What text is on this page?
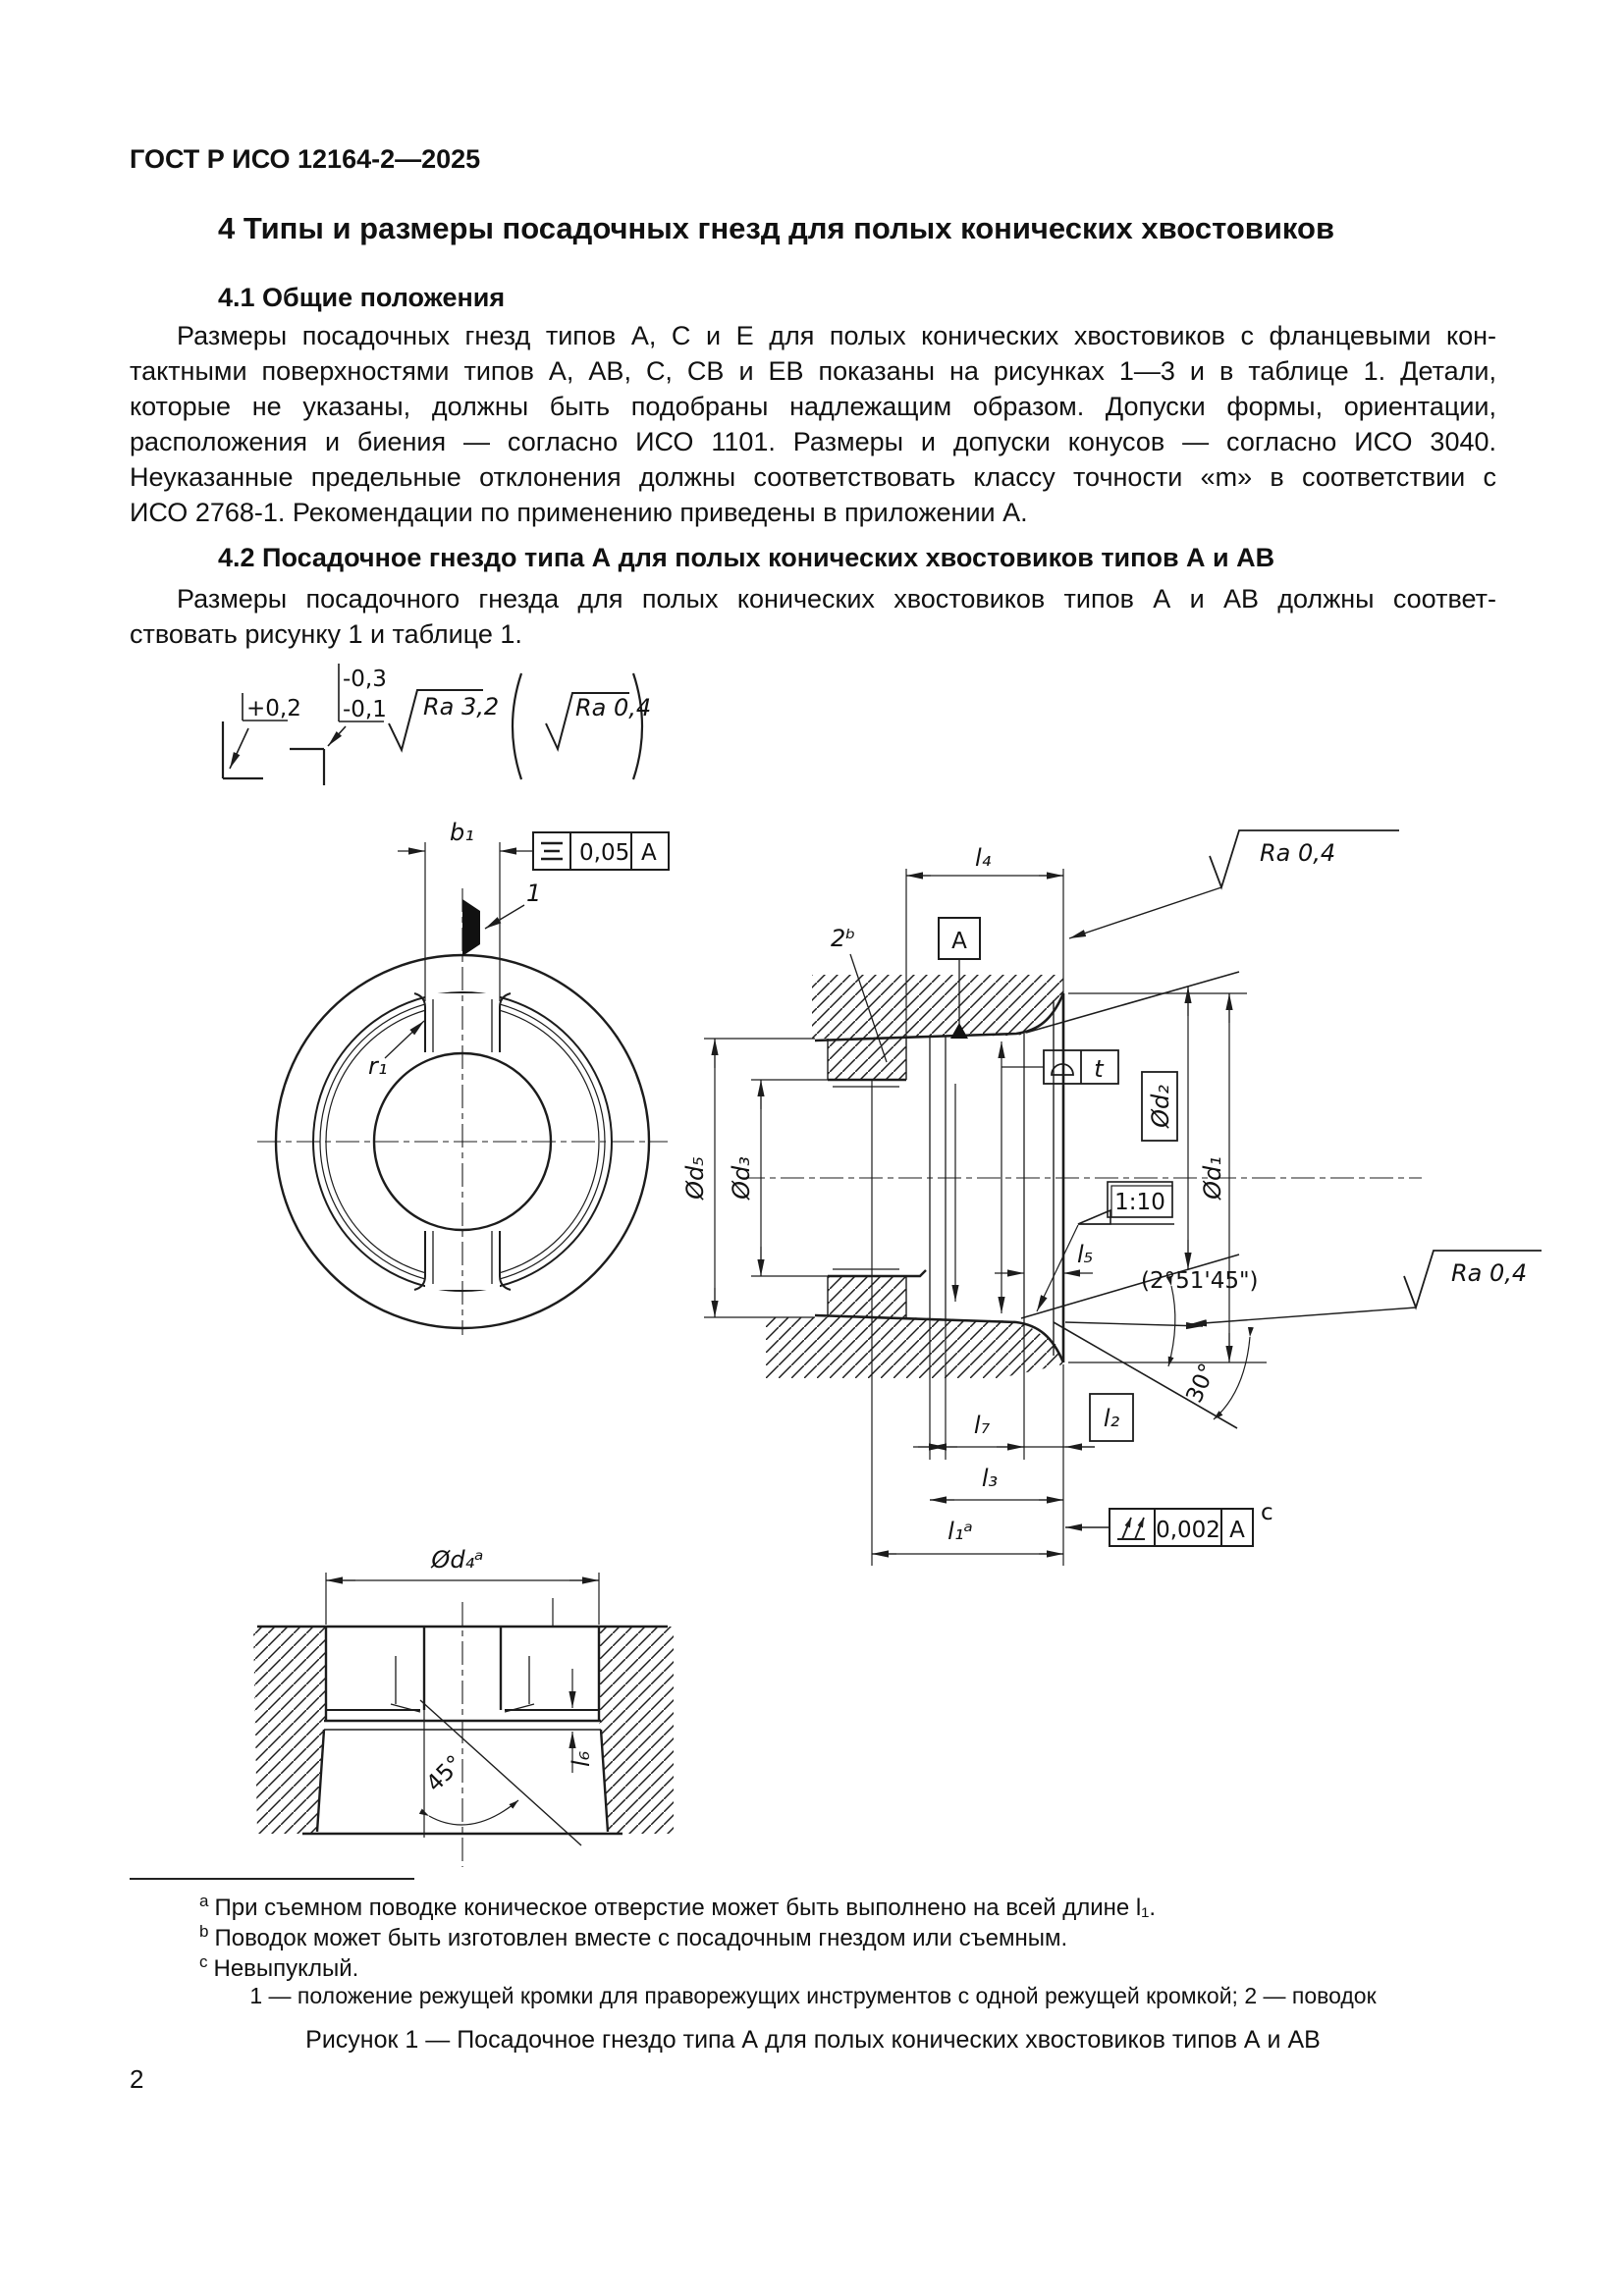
ГОСТ Р ИСО 12164-2—2025
4 Типы и размеры посадочных гнезд для полых конических хвостовиков
4.1 Общие положения
Размеры посадочных гнезд типов А, С и Е для полых конических хвостовиков с фланцевыми кон-
тактными поверхностями типов А, АВ, С, СВ и ЕВ показаны на рисунках 1—3 и в таблице 1. Детали,
которые не указаны, должны быть подобраны надлежащим образом. Допуски формы, ориентации,
расположения и биения — согласно ИСО 1101. Размеры и допуски конусов — согласно ИСО 3040.
Неуказанные предельные отклонения должны соответствовать классу точности «m» в соответствии с
ИСО 2768-1. Рекомендации по применению приведены в приложении А.
4.2 Посадочное гнездо типа А для полых конических хвостовиков типов А и АВ
Размеры посадочного гнезда для полых конических хвостовиков типов А и АВ должны соответ-
ствовать рисунку 1 и таблице 1.
+0,2
-0,3
-0,1 Ra 3,2	Ra 0,4
b₁
0,05 A
1
r₁
Ød₅ Ød₃
l₄
2ᵇ	A
Ra 0,4
t
1:10
Ød₂
Ød₁
(2°51'45")
30°
Ra 0,4
l₂
l₇
l₃
l₁ᵃ	0,002 A
c
l₅
Ød₄ᵃ
45°	l₆
$^a$ При съемном поводке коническое отверстие может быть выполнено на всей длине l₁.
$^b$ Поводок может быть изготовлен вместе с посадочным гнездом или съемным.
$^c$ Невыпуклый.
1 — положение режущей кромки для праворежущих инструментов с одной режущей кромкой; 2 — поводок
Рисунок 1 — Посадочное гнездо типа А для полых конических хвостовиков типов А и АВ
2
